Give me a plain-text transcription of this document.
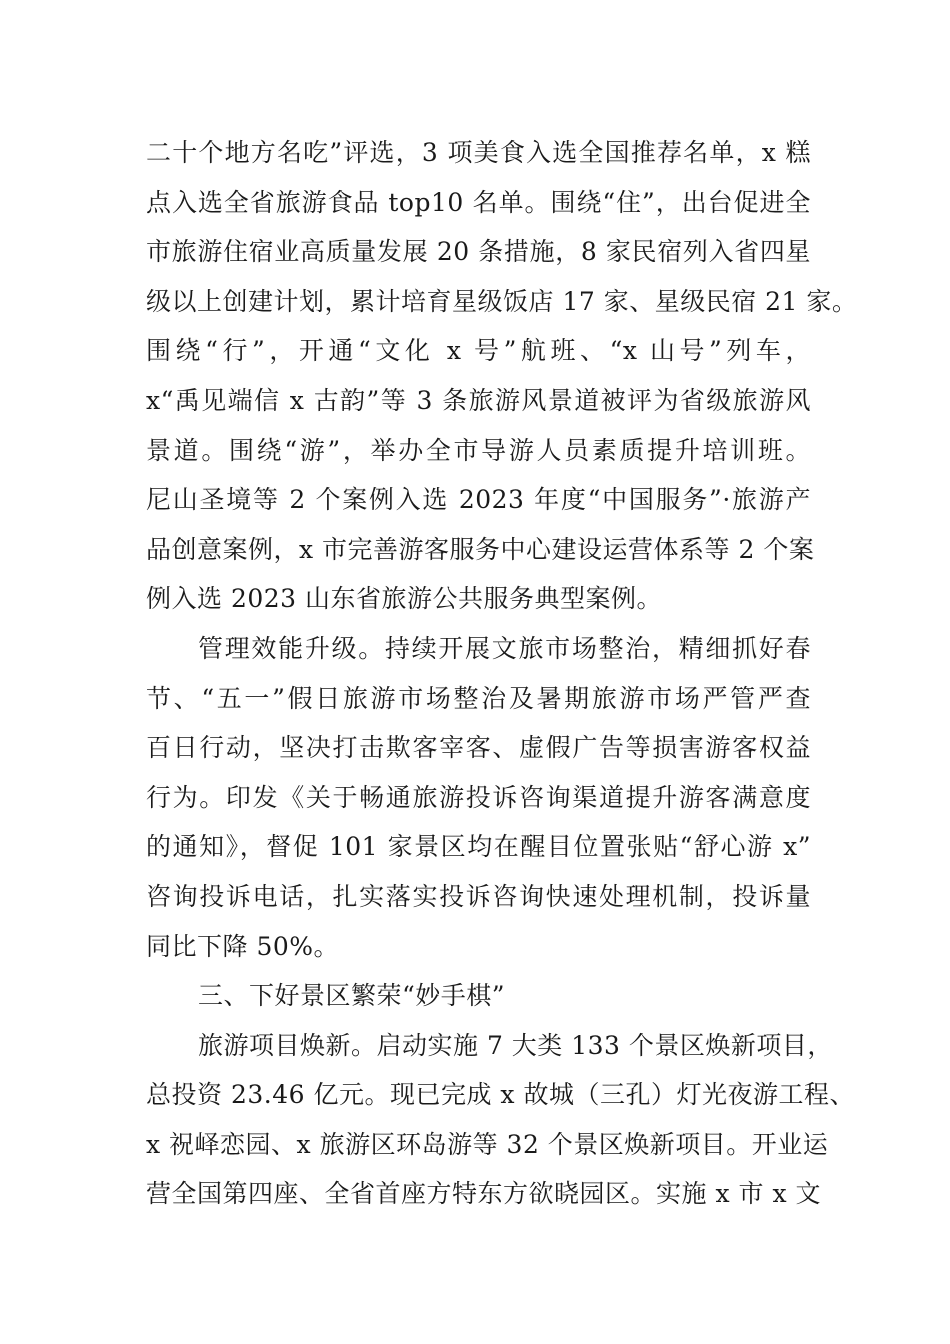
二十个地方名吃”评选，3 项美食入选全国推荐名单，x 糕
点入选全省旅游食品 top10 名单。围绕“住”，出台促进全
市旅游住宿业高质量发展 20 条措施，8 家民宿列入省四星
级以上创建计划，累计培育星级饭店 17 家、星级民宿 21 家。
围绕“行”，开通“文化 x 号”航班、“x 山号”列车，
x“禹见端信 x 古韵”等 3 条旅游风景道被评为省级旅游风
景道。围绕“游”，举办全市导游人员素质提升培训班。
尼山圣境等 2 个案例入选 2023 年度“中国服务”·旅游产
品创意案例，x 市完善游客服务中心建设运营体系等 2 个案
例入选 2023 山东省旅游公共服务典型案例。
管理效能升级。持续开展文旅市场整治，精细抓好春
节、“五一”假日旅游市场整治及暑期旅游市场严管严查
百日行动，坚决打击欺客宰客、虚假广告等损害游客权益
行为。印发《关于畅通旅游投诉咨询渠道提升游客满意度
的通知》，督促 101 家景区均在醒目位置张贴“舒心游 x”
咨询投诉电话，扎实落实投诉咨询快速处理机制，投诉量
同比下降 50%。
三、下好景区繁荣“妙手棋”
旅游项目焕新。启动实施 7 大类 133 个景区焕新项目，
总投资 23.46 亿元。现已完成 x 故城（三孔）灯光夜游工程、
x 祝峄恋园、x 旅游区环岛游等 32 个景区焕新项目。开业运
营全国第四座、全省首座方特东方欲晓园区。实施 x 市 x 文
